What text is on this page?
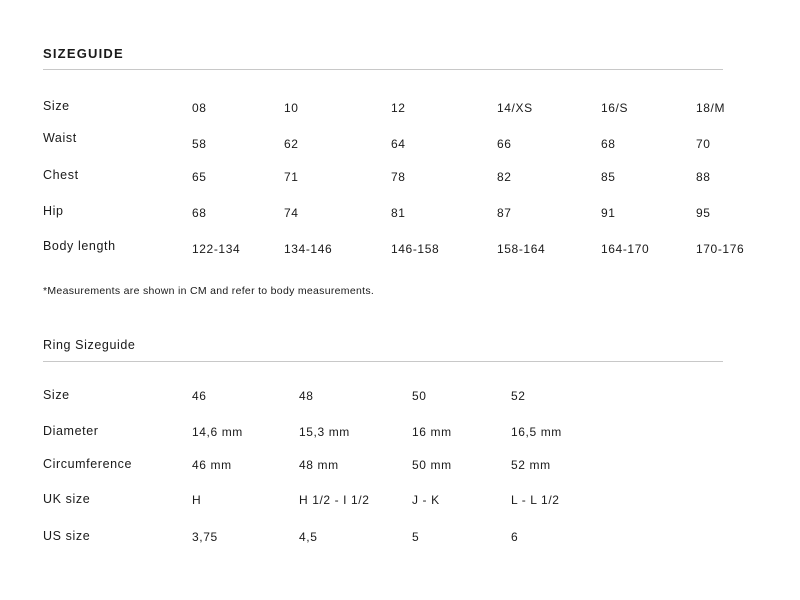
SIZEGUIDE
Size	08	10	12	14/XS	16/S	18/M
Waist	58	62	64	66	68	70
Chest	65	71	78	82	85	88
Hip	68	74	81	87	91	95
Body length	122-134	134-146	146-158	158-164	164-170	170-176
*Measurements are shown in CM and refer to body measurements.
Ring Sizeguide
Size	46	48	50	52
Diameter	14,6 mm	15,3 mm	16 mm	16,5 mm
Circumference	46 mm	48 mm	50 mm	52 mm
UK size	H	H 1/2 - I 1/2	J - K	L - L 1/2
US size	3,75	4,5	5	6
